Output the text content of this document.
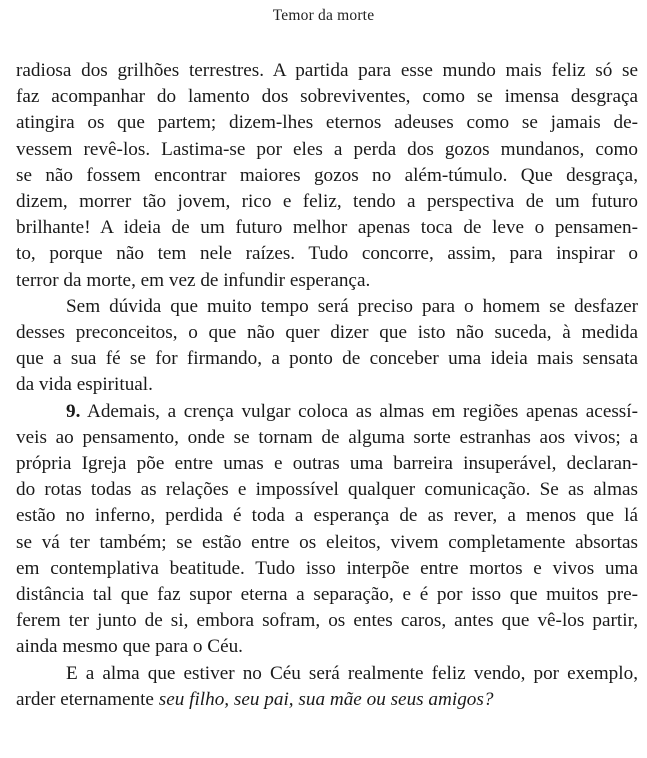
Temor da morte
radiosa dos grilhões terrestres. A partida para esse mundo mais feliz só se
faz acompanhar do lamento dos sobreviventes, como se imensa desgraça
atingira os que partem; dizem-lhes eternos adeuses como se jamais de-
vessem revê-los. Lastima-se por eles a perda dos gozos mundanos, como
se não fossem encontrar maiores gozos no além-túmulo. Que desgraça,
dizem, morrer tão jovem, rico e feliz, tendo a perspectiva de um futuro
brilhante! A ideia de um futuro melhor apenas toca de leve o pensamen-
to, porque não tem nele raízes. Tudo concorre, assim, para inspirar o
terror da morte, em vez de infundir esperança.
Sem dúvida que muito tempo será preciso para o homem se desfazer
desses preconceitos, o que não quer dizer que isto não suceda, à medida
que a sua fé se for firmando, a ponto de conceber uma ideia mais sensata
da vida espiritual.
9. Ademais, a crença vulgar coloca as almas em regiões apenas acessí-
veis ao pensamento, onde se tornam de alguma sorte estranhas aos vivos; a
própria Igreja põe entre umas e outras uma barreira insuperável, declaran-
do rotas todas as relações e impossível qualquer comunicação. Se as almas
estão no inferno, perdida é toda a esperança de as rever, a menos que lá
se vá ter também; se estão entre os eleitos, vivem completamente absortas
em contemplativa beatitude. Tudo isso interpõe entre mortos e vivos uma
distância tal que faz supor eterna a separação, e é por isso que muitos pre-
ferem ter junto de si, embora sofram, os entes caros, antes que vê-los partir,
ainda mesmo que para o Céu.
E a alma que estiver no Céu será realmente feliz vendo, por exemplo,
arder eternamente seu filho, seu pai, sua mãe ou seus amigos?
